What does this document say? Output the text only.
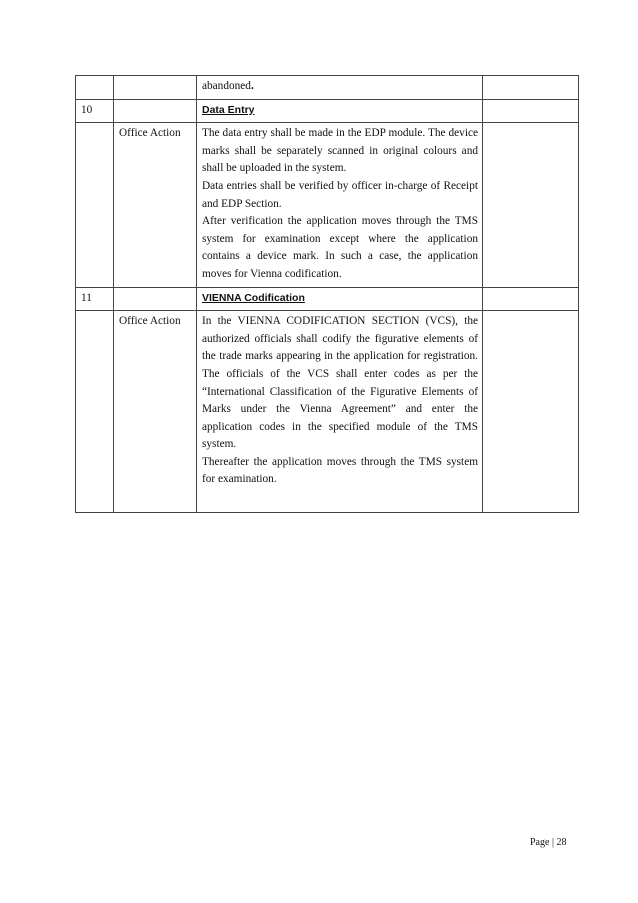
		abandoned.	
10		Data Entry	
	Office Action	The data entry shall be made in the EDP module. The device marks shall be separately scanned in original colours and shall be uploaded in the system.
Data entries shall be verified by officer in-charge of Receipt and EDP Section.
After verification the application moves through the TMS system for examination except where the application contains a device mark. In such a case, the application moves for Vienna codification.	

11		VIENNA Codification	
	Office Action	In the VIENNA CODIFICATION SECTION (VCS), the authorized officials shall codify the figurative elements of the trade marks appearing in the application for registration. The officials of the VCS shall enter codes as per the “International Classification of the Figurative Elements of Marks under the Vienna Agreement” and enter the application codes in the specified module of the TMS system.
Thereafter the application moves through the TMS system for examination.	

Page | 28
